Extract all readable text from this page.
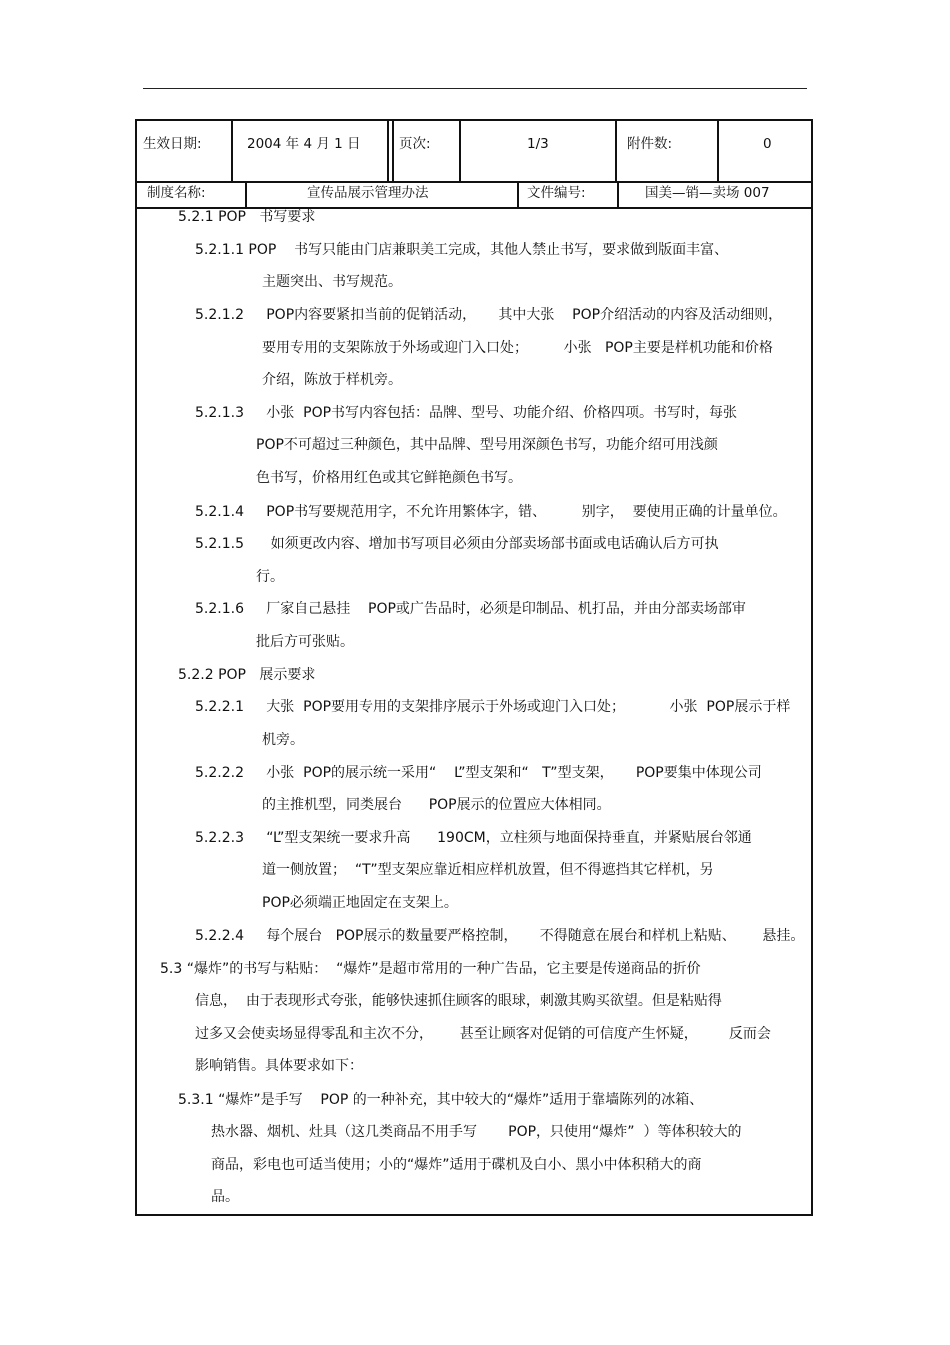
生效日期:	2004 年 4 月 1 日	页次:	1/3	附件数:	0
制度名称:	宣传品展示管理办法	文件编号:	国美—销—卖场 007
5.2.1 POP   书写要求
5.2.1.1 POP    书写只能由门店兼职美工完成，其他人禁止书写，要求做到版面丰富、
主题突出、书写规范。
5.2.1.2     POP内容要紧扣当前的促销活动，     其中大张    POP介绍活动的内容及活动细则，
要用专用的支架陈放于外场或迎门入口处；        小张   POP主要是样机功能和价格
介绍，陈放于样机旁。
5.2.1.3     小张  POP书写内容包括：品牌、型号、功能介绍、价格四项。书写时，每张
POP不可超过三种颜色，其中品牌、型号用深颜色书写，功能介绍可用浅颜
色书写，价格用红色或其它鲜艳颜色书写。
5.2.1.4     POP书写要规范用字，不允许用繁体字，错、        别字，  要使用正确的计量单位。
5.2.1.5      如须更改内容、增加书写项目必须由分部卖场部书面或电话确认后方可执
行。
5.2.1.6     厂家自己悬挂    POP或广告品时，必须是印制品、机打品，并由分部卖场部审
批后方可张贴。
5.2.2 POP   展示要求
5.2.2.1     大张  POP要用专用的支架排序展示于外场或迎门入口处；          小张  POP展示于样
机旁。
5.2.2.2     小张  POP的展示统一采用“    L”型支架和“   T”型支架，     POP要集中体现公司
的主推机型，同类展台      POP展示的位置应大体相同。
5.2.2.3     “L”型支架统一要求升高      190CM，立柱须与地面保持垂直，并紧贴展台邻通
道一侧放置；  “T”型支架应靠近相应样机放置，但不得遮挡其它样机，另
POP必须端正地固定在支架上。
5.2.2.4     每个展台   POP展示的数量要严格控制，     不得随意在展台和样机上粘贴、      悬挂。
5.3 “爆炸”的书写与粘贴：  “爆炸”是超市常用的一种广告品，它主要是传递商品的折价
信息，  由于表现形式夸张，能够快速抓住顾客的眼球，刺激其购买欲望。但是粘贴得
过多又会使卖场显得零乱和主次不分，      甚至让顾客对促销的可信度产生怀疑，       反而会
影响销售。具体要求如下：
5.3.1 “爆炸”是手写    POP 的一种补充，其中较大的“爆炸”适用于靠墙陈列的冰箱、
热水器、烟机、灶具（这几类商品不用手写       POP，只使用“爆炸”  ）等体积较大的
商品，彩电也可适当使用；小的“爆炸”适用于碟机及白小、黑小中体积稍大的商
品。
